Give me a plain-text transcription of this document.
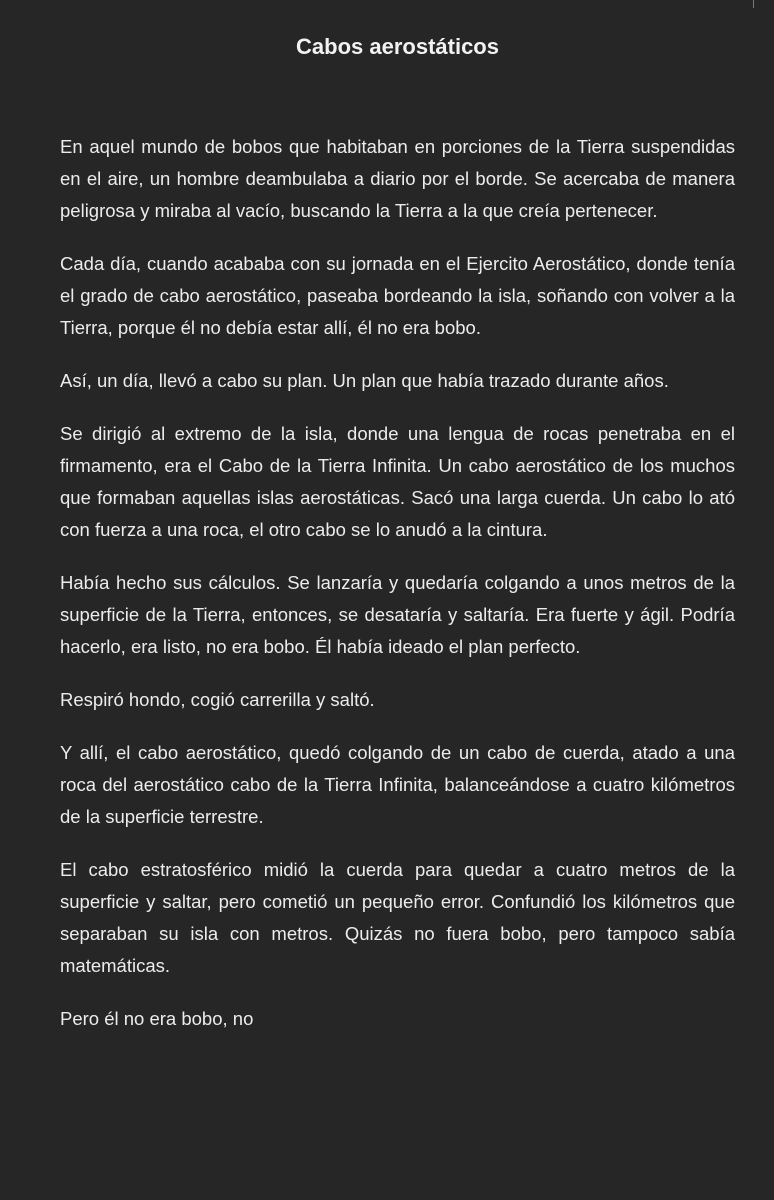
Cabos aerostáticos

En aquel mundo de bobos que habitaban en porciones de la Tierra suspendidas en el aire, un hombre deambulaba a diario por el borde. Se acercaba de manera peligrosa y miraba al vacío, buscando la Tierra a la que creía pertenecer.

Cada día, cuando acababa con su jornada en el Ejercito Aerostático, donde tenía el grado de cabo aerostático, paseaba bordeando la isla, soñando con volver a la Tierra, porque él no debía estar allí, él no era bobo.

Así, un día, llevó a cabo su plan. Un plan que había trazado durante años.

Se dirigió al extremo de la isla, donde una lengua de rocas penetraba en el firmamento, era el Cabo de la Tierra Infinita. Un cabo aerostático de los muchos que formaban aquellas islas aerostáticas. Sacó una larga cuerda. Un cabo lo ató con fuerza a una roca, el otro cabo se lo anudó a la cintura.

Había hecho sus cálculos. Se lanzaría y quedaría colgando a unos metros de la superficie de la Tierra, entonces, se desataría y saltaría. Era fuerte y ágil. Podría hacerlo, era listo, no era bobo. Él había ideado el plan perfecto.

Respiró hondo, cogió carrerilla y saltó.

Y allí, el cabo aerostático, quedó colgando de un cabo de cuerda, atado a una roca del aerostático cabo de la Tierra Infinita, balanceándose a cuatro kilómetros de la superficie terrestre.

El cabo estratosférico midió la cuerda para quedar a cuatro metros de la superficie y saltar, pero cometió un pequeño error. Confundió los kilómetros que separaban su isla con metros. Quizás no fuera bobo, pero tampoco sabía matemáticas.

Pero él no era bobo, no
